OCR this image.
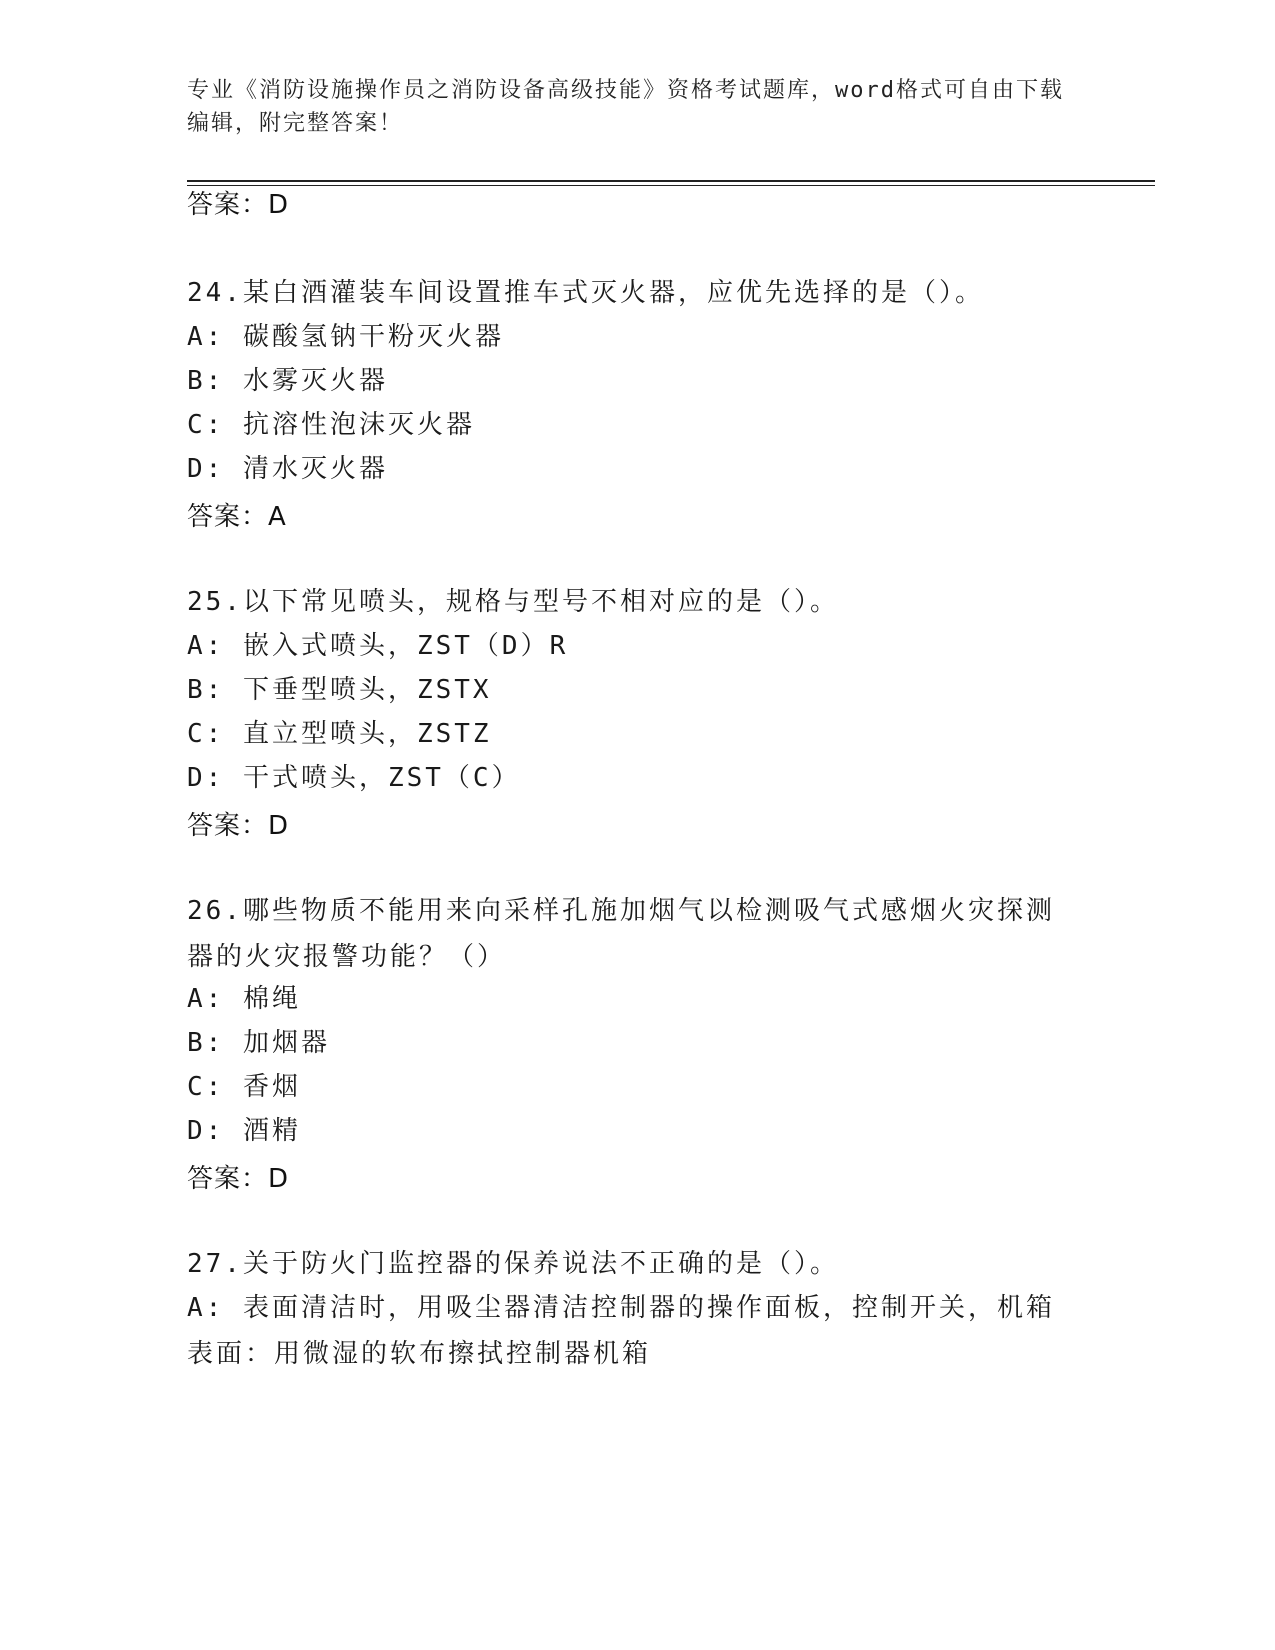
专业《消防设施操作员之消防设备高级技能》资格考试题库，word格式可自由下载编辑，附完整答案！
答案：D
24.某白酒灌装车间设置推车式灭火器，应优先选择的是（）。
A: 碳酸氢钠干粉灭火器
B: 水雾灭火器
C: 抗溶性泡沫灭火器
D: 清水灭火器
答案：A
25.以下常见喷头，规格与型号不相对应的是（）。
A: 嵌入式喷头，ZST（D）R
B: 下垂型喷头，ZSTX
C: 直立型喷头，ZSTZ
D: 干式喷头，ZST（C）
答案：D
26.哪些物质不能用来向采样孔施加烟气以检测吸气式感烟火灾探测器的火灾报警功能？（）
A: 棉绳
B: 加烟器
C: 香烟
D: 酒精
答案：D
27.关于防火门监控器的保养说法不正确的是（）。
A: 表面清洁时，用吸尘器清洁控制器的操作面板，控制开关，机箱表面：用微湿的软布擦拭控制器机箱
